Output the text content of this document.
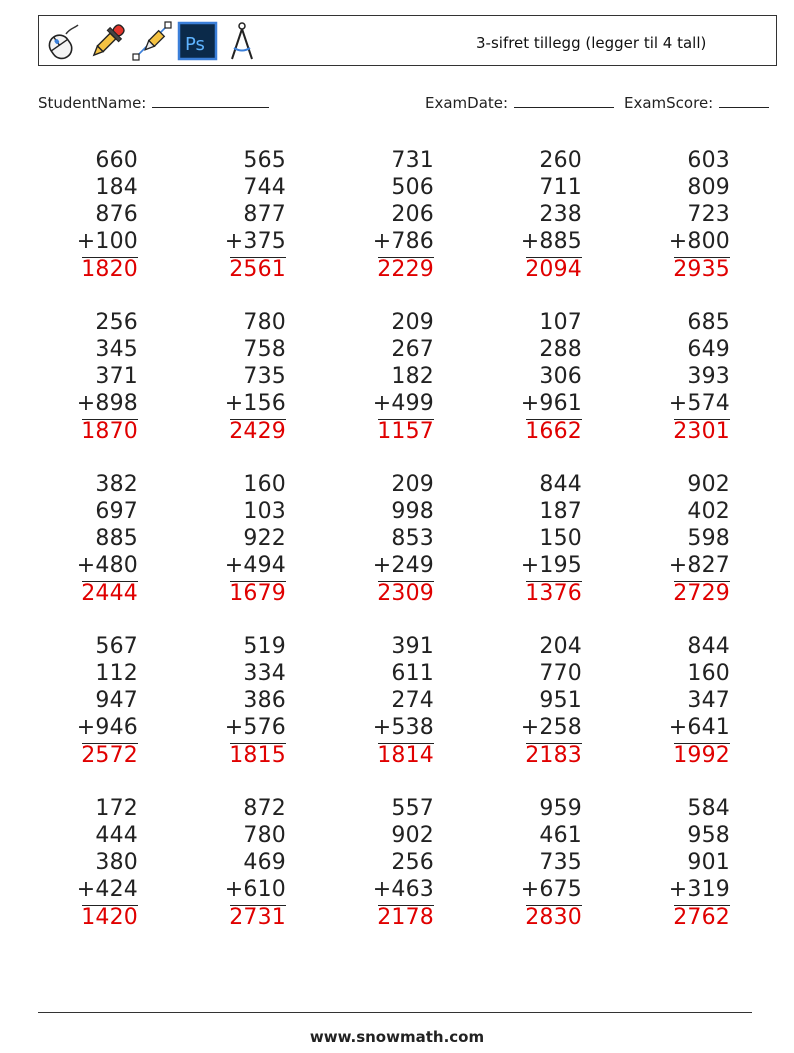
Ps	3-sifret tillegg (legger til 4 tall)
StudentName:	ExamDate:	ExamScore:
660
184
876
+100
1820
565
744
877
+375
2561
731
506
206
+786
2229
260
711
238
+885
2094
603
809
723
+800
2935
256
345
371
+898
1870
780
758
735
+156
2429
209
267
182
+499
1157
107
288
306
+961
1662
685
649
393
+574
2301
382
697
885
+480
2444
160
103
922
+494
1679
209
998
853
+249
2309
844
187
150
+195
1376
902
402
598
+827
2729
567
112
947
+946
2572
519
334
386
+576
1815
391
611
274
+538
1814
204
770
951
+258
2183
844
160
347
+641
1992
172
444
380
+424
1420
872
780
469
+610
2731
557
902
256
+463
2178
959
461
735
+675
2830
584
958
901
+319
2762
www.snowmath.com
